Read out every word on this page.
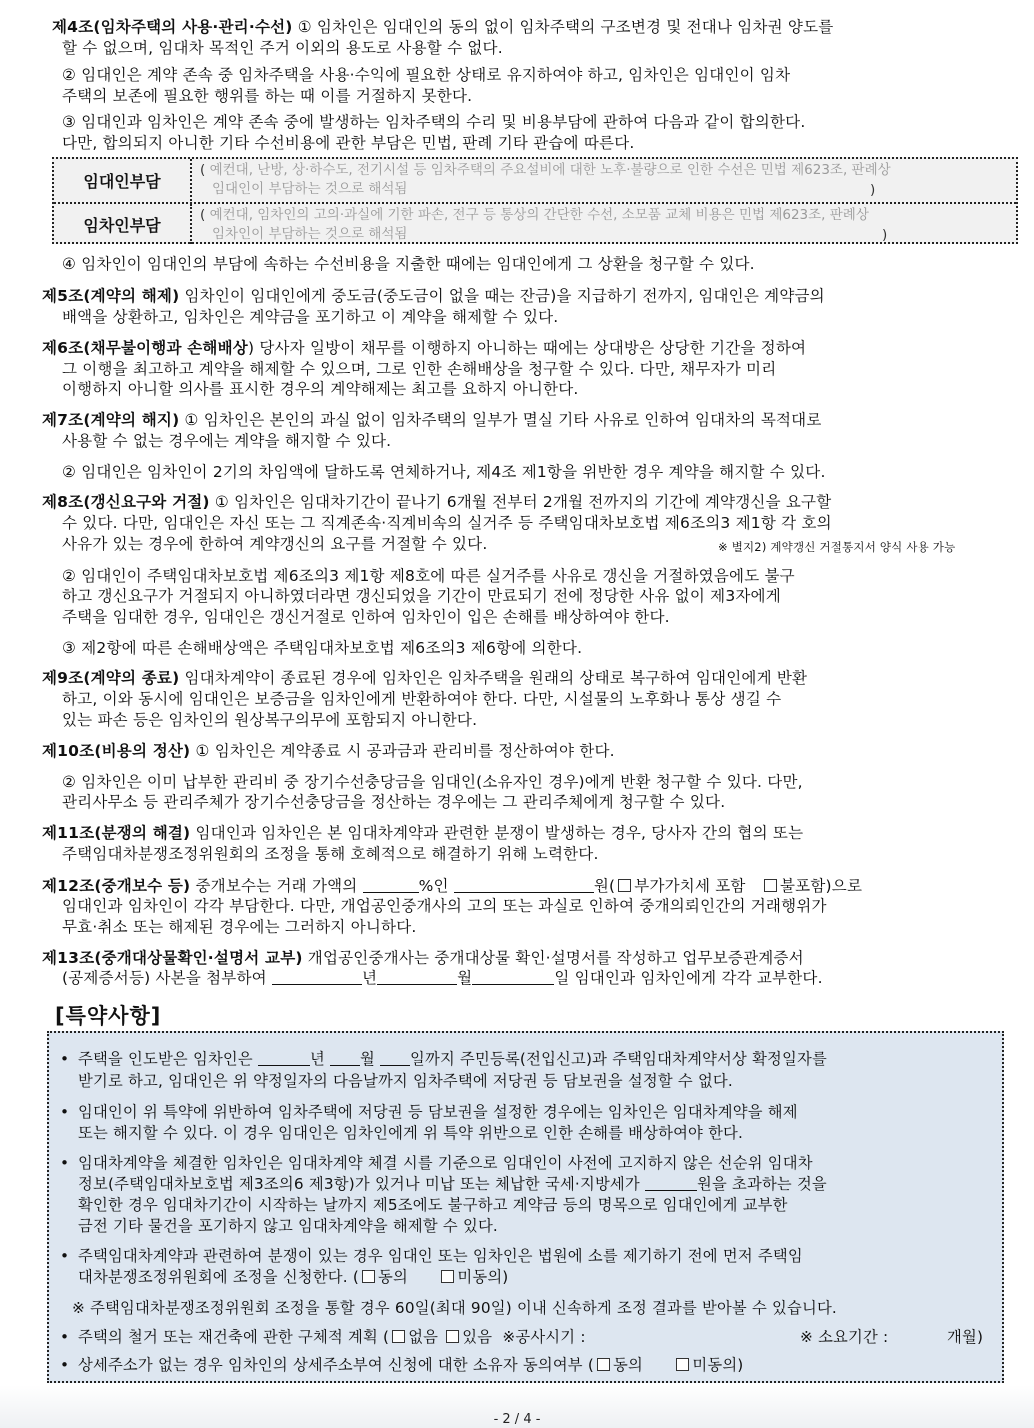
제4조(임차주택의 사용·관리·수선) ① 임차인은 임대인의 동의 없이 임차주택의 구조변경 및 전대나 임차권 양도를
할 수 없으며, 임대차 목적인 주거 이외의 용도로 사용할 수 없다.
② 임대인은 계약 존속 중 임차주택을 사용·수익에 필요한 상태로 유지하여야 하고, 임차인은 임대인이 임차
주택의 보존에 필요한 행위를 하는 때 이를 거절하지 못한다.
③ 임대인과 임차인은 계약 존속 중에 발생하는 임차주택의 수리 및 비용부담에 관하여 다음과 같이 합의한다.
다만, 합의되지 아니한 기타 수선비용에 관한 부담은 민법, 판례 기타 관습에 따른다.
임대인부담
( 예컨대, 난방, 상·하수도, 전기시설 등 임차주택의 주요설비에 대한 노후·불량으로 인한 수선은 민법 제623조, 판례상
임대인이 부담하는 것으로 해석됨	)
임차인부담
( 예컨대, 임차인의 고의·과실에 기한 파손, 전구 등 통상의 간단한 수선, 소모품 교체 비용은 민법 제623조, 판례상
임차인이 부담하는 것으로 해석됨	)
④ 임차인이 임대인의 부담에 속하는 수선비용을 지출한 때에는 임대인에게 그 상환을 청구할 수 있다.
제5조(계약의 해제) 임차인이 임대인에게 중도금(중도금이 없을 때는 잔금)을 지급하기 전까지, 임대인은 계약금의
배액을 상환하고, 임차인은 계약금을 포기하고 이 계약을 해제할 수 있다.
제6조(채무불이행과 손해배상) 당사자 일방이 채무를 이행하지 아니하는 때에는 상대방은 상당한 기간을 정하여
그 이행을 최고하고 계약을 해제할 수 있으며, 그로 인한 손해배상을 청구할 수 있다. 다만, 채무자가 미리
이행하지 아니할 의사를 표시한 경우의 계약해제는 최고를 요하지 아니한다.
제7조(계약의 해지) ① 임차인은 본인의 과실 없이 임차주택의 일부가 멸실 기타 사유로 인하여 임대차의 목적대로
사용할 수 없는 경우에는 계약을 해지할 수 있다.
② 임대인은 임차인이 2기의 차임액에 달하도록 연체하거나, 제4조 제1항을 위반한 경우 계약을 해지할 수 있다.
제8조(갱신요구와 거절) ① 임차인은 임대차기간이 끝나기 6개월 전부터 2개월 전까지의 기간에 계약갱신을 요구할
수 있다. 다만, 임대인은 자신 또는 그 직계존속·직계비속의 실거주 등 주택임대차보호법 제6조의3 제1항 각 호의
사유가 있는 경우에 한하여 계약갱신의 요구를 거절할 수 있다.	※ 별지2) 계약갱신 거절통지서 양식 사용 가능
② 임대인이 주택임대차보호법 제6조의3 제1항 제8호에 따른 실거주를 사유로 갱신을 거절하였음에도 불구
하고 갱신요구가 거절되지 아니하였더라면 갱신되었을 기간이 만료되기 전에 정당한 사유 없이 제3자에게
주택을 임대한 경우, 임대인은 갱신거절로 인하여 임차인이 입은 손해를 배상하여야 한다.
③ 제2항에 따른 손해배상액은 주택임대차보호법 제6조의3 제6항에 의한다.
제9조(계약의 종료) 임대차계약이 종료된 경우에 임차인은 임차주택을 원래의 상태로 복구하여 임대인에게 반환
하고, 이와 동시에 임대인은 보증금을 임차인에게 반환하여야 한다. 다만, 시설물의 노후화나 통상 생길 수
있는 파손 등은 임차인의 원상복구의무에 포함되지 아니한다.
제10조(비용의 정산) ① 임차인은 계약종료 시 공과금과 관리비를 정산하여야 한다.
② 임차인은 이미 납부한 관리비 중 장기수선충당금을 임대인(소유자인 경우)에게 반환 청구할 수 있다. 다만,
관리사무소 등 관리주체가 장기수선충당금을 정산하는 경우에는 그 관리주체에게 청구할 수 있다.
제11조(분쟁의 해결) 임대인과 임차인은 본 임대차계약과 관련한 분쟁이 발생하는 경우, 당사자 간의 협의 또는
주택임대차분쟁조정위원회의 조정을 통해 호혜적으로 해결하기 위해 노력한다.
제12조(중개보수 등) 중개보수는 거래 가액의	%인	원( 부가가치세 포함 불포함)으로
임대인과 임차인이 각각 부담한다. 다만, 개업공인중개사의 고의 또는 과실로 인하여 중개의뢰인간의 거래행위가
무효·취소 또는 해제된 경우에는 그러하지 아니하다.
제13조(중개대상물확인·설명서 교부) 개업공인중개사는 중개대상물 확인·설명서를 작성하고 업무보증관계증서
(공제증서등) 사본을 첨부하여	년	월	일 임대인과 임차인에게 각각 교부한다.
[특약사항]
• 주택을 인도받은 임차인은	년 월 일까지 주민등록(전입신고)과 주택임대차계약서상 확정일자를
받기로 하고, 임대인은 위 약정일자의 다음날까지 임차주택에 저당권 등 담보권을 설정할 수 없다.
• 임대인이 위 특약에 위반하여 임차주택에 저당권 등 담보권을 설정한 경우에는 임차인은 임대차계약을 해제
또는 해지할 수 있다. 이 경우 임대인은 임차인에게 위 특약 위반으로 인한 손해를 배상하여야 한다.
• 임대차계약을 체결한 임차인은 임대차계약 체결 시를 기준으로 임대인이 사전에 고지하지 않은 선순위 임대차
정보(주택임대차보호법 제3조의6 제3항)가 있거나 미납 또는 체납한 국세·지방세가	원을 초과하는 것을
확인한 경우 임대차기간이 시작하는 날까지 제5조에도 불구하고 계약금 등의 명목으로 임대인에게 교부한
금전 기타 물건을 포기하지 않고 임대차계약을 해제할 수 있다.
• 주택임대차계약과 관련하여 분쟁이 있는 경우 임대인 또는 임차인은 법원에 소를 제기하기 전에 먼저 주택임
대차분쟁조정위원회에 조정을 신청한다. ( 동의	미동의)
※ 주택임대차분쟁조정위원회 조정을 통할 경우 60일(최대 90일) 이내 신속하게 조정 결과를 받아볼 수 있습니다.
• 주택의 철거 또는 재건축에 관한 구체적 계획 ( 없음 있음 ※공사시기 :	※ 소요기간 :	개월)
• 상세주소가 없는 경우 임차인의 상세주소부여 신청에 대한 소유자 동의여부 ( 동의	미동의)
- 2 / 4 -
